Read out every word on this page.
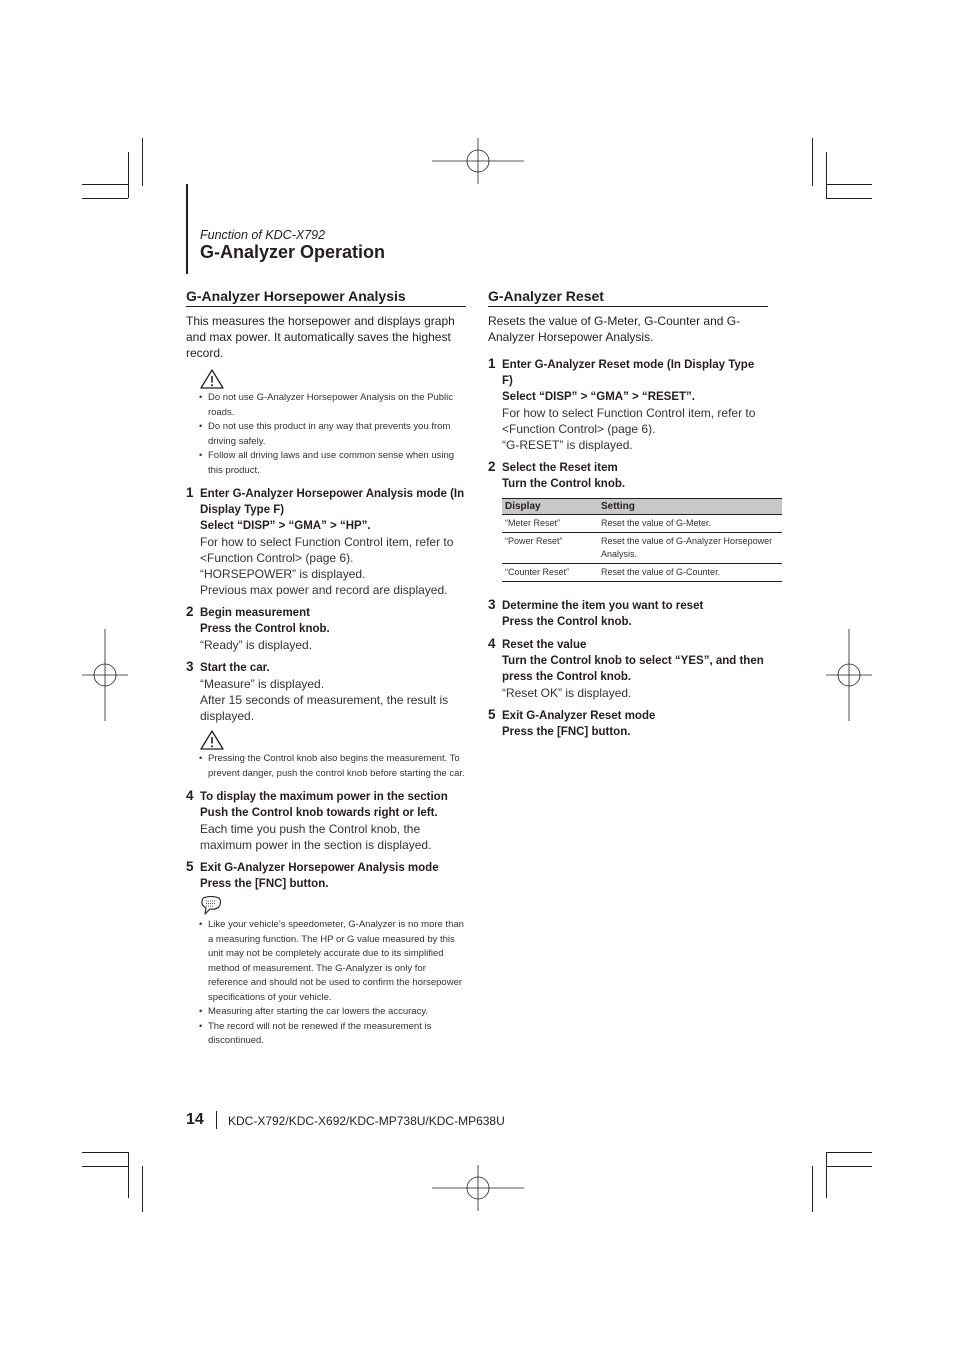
Function of KDC-X792
G-Analyzer Operation
G-Analyzer Horsepower Analysis

This measures the horsepower and displays graph and max power. It automatically saves the highest record.

• Do not use G-Analyzer Horsepower Analysis on the Public roads.
• Do not use this product in any way that prevents you from driving safely.
• Follow all driving laws and use common sense when using this product.
1 Enter G-Analyzer Horsepower Analysis mode (In Display Type F)
Select “DISP” > “GMA” > “HP”.
For how to select Function Control item, refer to <Function Control> (page 6).
“HORSEPOWER” is displayed.
Previous max power and record are displayed.
2 Begin measurement
Press the Control knob.
“Ready” is displayed.
3 Start the car.
“Measure” is displayed.
After 15 seconds of measurement, the result is displayed.
• Pressing the Control knob also begins the measurement. To prevent danger, push the control knob before starting the car.
4 To display the maximum power in the section
Push the Control knob towards right or left.
Each time you push the Control knob, the maximum power in the section is displayed.
5 Exit G-Analyzer Horsepower Analysis mode
Press the [FNC] button.
• Like your vehicle’s speedometer, G-Analyzer is no more than a measuring function. The HP or G value measured by this unit may not be completely accurate due to its simplified method of measurement. The G-Analyzer is only for reference and should not be used to confirm the horsepower specifications of your vehicle.
• Measuring after starting the car lowers the accuracy.
• The record will not be renewed if the measurement is discontinued.
G-Analyzer Reset

Resets the value of G-Meter, G-Counter and G-Analyzer Horsepower Analysis.

1 Enter G-Analyzer Reset mode (In Display Type F)
Select “DISP” > “GMA” > “RESET”.
For how to select Function Control item, refer to <Function Control> (page 6).
“G-RESET” is displayed.
2 Select the Reset item
Turn the Control knob.
Display	Setting
“Meter Reset”	Reset the value of G-Meter.
“Power Reset”	Reset the value of G-Analyzer Horsepower Analysis.
“Counter Reset”	Reset the value of G-Counter.
3 Determine the item you want to reset
Press the Control knob.
4 Reset the value
Turn the Control knob to select “YES”, and then press the Control knob.
“Reset OK” is displayed.
5 Exit G-Analyzer Reset mode
Press the [FNC] button.
14 KDC-X792/KDC-X692/KDC-MP738U/KDC-MP638U
